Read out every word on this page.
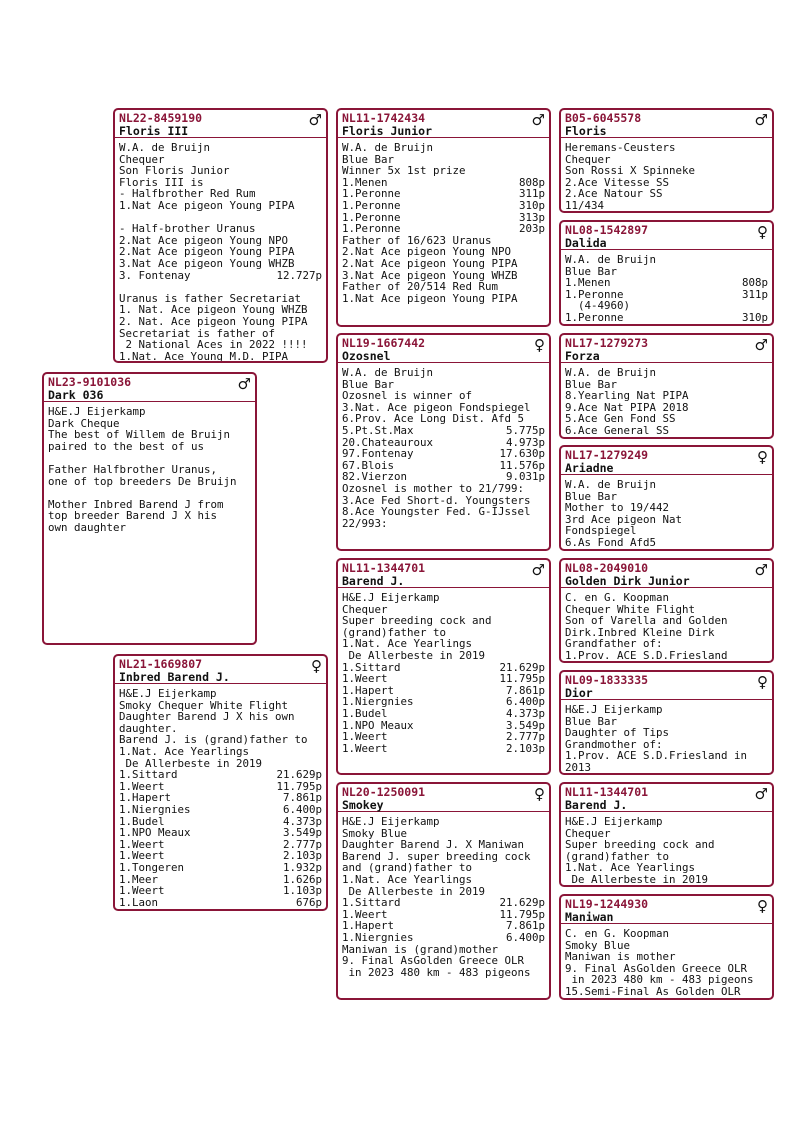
NL22-8459190
Floris III
♂
W.A. de Bruijn
Chequer
Son Floris Junior
Floris III is
- Halfbrother Red Rum
1.Nat Ace pigeon Young PIPA
- Half-brother Uranus
2.Nat Ace pigeon Young NPO
2.Nat Ace pigeon Young PIPA
3.Nat Ace pigeon Young WHZB
3. Fontenay	12.727p
Uranus is father Secretariat
1. Nat. Ace pigeon Young WHZB
2. Nat. Ace pigeon Young PIPA
Secretariat is father of
2 National Aces in 2022 !!!!
1.Nat. Ace Young M.D. PIPA
NL23-9101036
Dark 036
♂
H&E.J Eijerkamp
Dark Cheque
The best of Willem de Bruijn
paired to the best of us
Father Halfbrother Uranus,
one of top breeders De Bruijn
Mother Inbred Barend J from
top breeder Barend J X his
own daughter
NL21-1669807
Inbred Barend J.
♀
H&E.J Eijerkamp
Smoky Chequer White Flight
Daughter Barend J X his own
daughter.
Barend J. is (grand)father to
1.Nat. Ace Yearlings
De Allerbeste in 2019
1.Sittard	21.629p
1.Weert	11.795p
1.Hapert	7.861p
1.Niergnies	6.400p
1.Budel	4.373p
1.NPO Meaux	3.549p
1.Weert	2.777p
1.Weert	2.103p
1.Tongeren	1.932p
1.Meer	1.626p
1.Weert	1.103p
1.Laon	676p
NL11-1742434
Floris Junior
♂
W.A. de Bruijn
Blue Bar
Winner 5x 1st prize
1.Menen	808p
1.Peronne	311p
1.Peronne	310p
1.Peronne	313p
1.Peronne	203p
Father of 16/623 Uranus
2.Nat Ace pigeon Young NPO
2.Nat Ace pigeon Young PIPA
3.Nat Ace pigeon Young WHZB
Father of 20/514 Red Rum
1.Nat Ace pigeon Young PIPA
NL19-1667442
Ozosnel
♀
W.A. de Bruijn
Blue Bar
Ozosnel is winner of
3.Nat. Ace pigeon Fondspiegel
6.Prov. Ace Long Dist. Afd 5
5.Pt.St.Max	5.775p
20.Chateauroux	4.973p
97.Fontenay	17.630p
67.Blois	11.576p
82.Vierzon	9.031p
Ozosnel is mother to 21/799:
3.Ace Fed Short-d. Youngsters
8.Ace Youngster Fed. G-IJssel
22/993:
NL11-1344701
Barend J.
♂
H&E.J Eijerkamp
Chequer
Super breeding cock and
(grand)father to
1.Nat. Ace Yearlings
De Allerbeste in 2019
1.Sittard	21.629p
1.Weert	11.795p
1.Hapert	7.861p
1.Niergnies	6.400p
1.Budel	4.373p
1.NPO Meaux	3.549p
1.Weert	2.777p
1.Weert	2.103p
NL20-1250091
Smokey
♀
H&E.J Eijerkamp
Smoky Blue
Daughter Barend J. X Maniwan
Barend J. super breeding cock
and (grand)father to
1.Nat. Ace Yearlings
De Allerbeste in 2019
1.Sittard	21.629p
1.Weert	11.795p
1.Hapert	7.861p
1.Niergnies	6.400p
Maniwan is (grand)mother
9. Final AsGolden Greece OLR
in 2023 480 km - 483 pigeons
B05-6045578
Floris
♂
Heremans-Ceusters
Chequer
Son Rossi X Spinneke
2.Ace Vitesse SS
2.Ace Natour SS
11/434
NL08-1542897
Dalida
♀
W.A. de Bruijn
Blue Bar
1.Menen	808p
1.Peronne	311p
(4-4960)
1.Peronne	310p
NL17-1279273
Forza
♂
W.A. de Bruijn
Blue Bar
8.Yearling Nat PIPA
9.Ace Nat PIPA 2018
5.Ace Gen Fond SS
6.Ace General SS
NL17-1279249
Ariadne
♀
W.A. de Bruijn
Blue Bar
Mother to 19/442
3rd Ace pigeon Nat
Fondspiegel
6.As Fond Afd5
NL08-2049010
Golden Dirk Junior
♂
C. en G. Koopman
Chequer White Flight
Son of Varella and Golden
Dirk.Inbred Kleine Dirk
Grandfather of:
1.Prov. ACE S.D.Friesland
NL09-1833335
Dior
♀
H&E.J Eijerkamp
Blue Bar
Daughter of Tips
Grandmother of:
1.Prov. ACE S.D.Friesland in
2013
NL11-1344701
Barend J.
♂
H&E.J Eijerkamp
Chequer
Super breeding cock and
(grand)father to
1.Nat. Ace Yearlings
De Allerbeste in 2019
NL19-1244930
Maniwan
♀
C. en G. Koopman
Smoky Blue
Maniwan is mother
9. Final AsGolden Greece OLR
in 2023 480 km - 483 pigeons
15.Semi-Final As Golden OLR
